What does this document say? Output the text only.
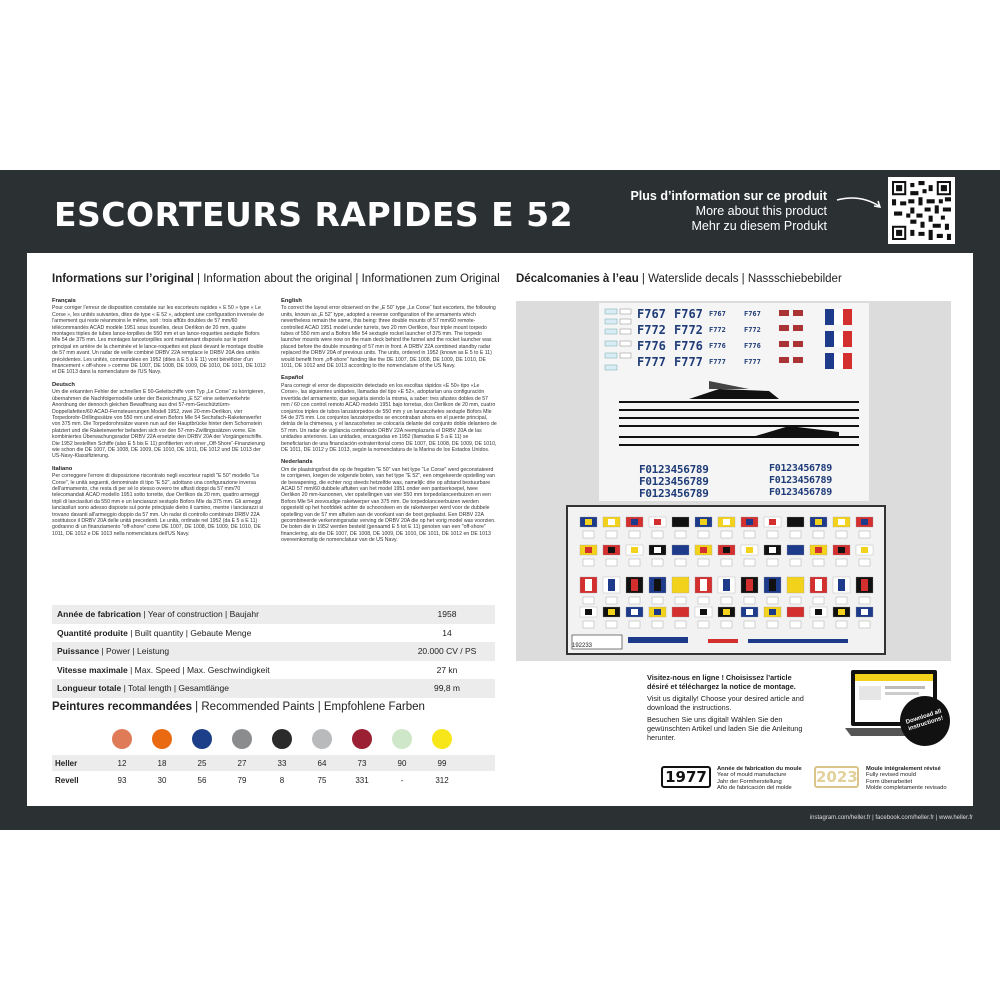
ESCORTEURS RAPIDES E 52	Plus d’information sur ce produit
More about this product
Mehr zu diesem Produkt
Informations sur l’original | Information about the original | Informationen zum Original
Français

Pour corriger l'erreur de disposition constatée sur les escorteurs rapides « E 50 » type « Le Corse », les unités suivantes, dites de type « E 52 », adoptent une configuration inversée de l'armement qui reste néanmoins le même, soit : trois affûts doubles de 57 mm/60 télécommandés ACAD modèle 1951 sous tourelles, deux Oerlikon de 20 mm, quatre montages triples de tubes lance-torpilles de 550 mm et un lance-roquettes sextuple Bofors Mle 54 de 375 mm. Les montages lancetorpilles sont maintenant disposés sur le pont principal en arrière de la cheminée et le lance-roquettes est placé devant le montage double de 57 mm avant. Un radar de veille combiné DRBV 22A remplace le DRBV 20A des unités précédentes. Les unités, commandées en 1952 (dites à E 5 à E 11) vont bénéficier d'un financement « off-shore » comme DE 1007, DE 1008, DE 1009, DE 1010, DE 1011, DE 1012 et DE 1013 dans la nomenclature de l'US Navy.

Deutsch

Um die erkannten Fehler der schnellen E 50-Geleitschiffe vom Typ „Le Corse“ zu korrigieren, übernahmen die Nachfolgemodelle unter der Bezeichnung „E 52“ eine seitenverkehrte Anordnung der dennoch gleichen Bewaffnung aus drei 57-mm-Geschütztürm-Doppellafetten/60 ACAD-Fernsteuerungen Modell 1952, zwei 20-mm-Oerlikon, vier Torpedorohr-Drillingssätze von 550 mm und einen Bofors Mle 54 Sechsfach-Raketenwerfer von 375 mm. Die Torpedorohrsätze waren nun auf der Hauptbrücke hinter dem Schornstein platziert und die Raketenwerfer befanden sich vor den 57-mm-Zwillingssätzen vorne. Ein kombiniertes Überwachungsradar DRBV 22A ersetzte den DRBV 20A der Vorgängerschiffe. Die 1952 bestellten Schiffe (also E 5 bis E 11) profitierten von einer „Off-Shore“-Finanzierung wie schon die DE 1007, DE 1008, DE 1009, DE 1010, DE 1011, DE 1012 und DE 1013 der US-Navy-Klassifizierung.

Italiano

Per correggere l'errore di disposizione riscontrato negli escorteur rapidi "E 50" modello "Le Corse", le unità seguenti, denominate di tipo "E 52", adottano una configurazione inversa dell'armamento, che resta di per sé lo stesso ovvero tre affusti doppi da 57 mm/70 telecomandati ACAD modello 1951 sotto torrette, due Oerlikon da 20 mm, quattro armeggi tripli di lanciasiluri da 550 mm e un lanciarazzi sestuplo Bofors Mle da 375 mm. Gli armeggi lanciasiluri sono adesso disposte sul ponte principale dietro il camino, mentre i lanciarazzi si trovano davanti all'armeggio doppio da 57 mm. Un radar di controllo combinato DRBV 22A sostituisce il DRBV 20A delle unità precedenti. Le unità, ordinate nel 1952 (da E 5 a E 11) godranno di un finanziamento "off-shore" come DE 1007, DE 1008, DE 1009, DE 1010, DE 1011, DE 1012 e DE 1013 nella nomenclatura dell'US Navy.

English

To correct the layout error observed on the „E 50“ type „Le Corse“ fast escorters, the following units, known as „E 52“ type, adopted a reverse configuration of the armaments which nevertheless remain the same, this being: three double mounts of 57 mm/60 remote-controlled ACAD 1951 model under turrets, two 20 mm Oerlikon, four triple mount torpedo tubes of 550 mm and a Bofors Mle 54 sextuple rocket launcher of 375 mm. The torpedo launcher mounts were now on the main deck behind the funnel and the rocket launcher was placed before the double mounting of 57 mm in front. A DRBV 22A combined standby radar replaced the DRBV 20A of previous units. The units, ordered in 1952 (known as E 5 to E 11) would benefit from „off-shore“ funding like the DE 1007, DE 1008, DE 1009, DE 1010, DE 1011, DE 1012 and DE 1013 according to the nomenclature of the US Navy.

Español

Para corregir el error de disposición detectado en los escoltas rápidos «E 50» tipo «Le Corse», las siguientes unidades, llamadas del tipo «E 52», adoptarían una configuración invertida del armamento, que seguiría siendo la misma, a saber: tres afustes dobles de 57 mm / 60 con control remoto ACAD modelo 1951 bajo torretas, dos Oerlikon de 20 mm, cuatro conjuntos triples de tubos lanzatorpedos de 550 mm y un lanzacohetes sextuple Bofors Mle 54 de 375 mm. Los conjuntos lanzatorpedos se encontraban ahora en el puente principal, detrás de la chimenea, y el lanzacohetes se colocaría delante del conjunto doble delantero de 57 mm. Un radar de vigilancia combinado DRBV 22A reemplazaría el DRBV 20A de las unidades anteriores. Las unidades, encargadas en 1952 (llamadas E 5 a E 11) se beneficiarían de una financiación extraterritorial como DE 1007, DE 1008, DE 1009, DE 1010, DE 1011, DE 1012 y DE 1013, según la nomenclatura de la Marina de los Estados Unidos.

Nederlands

Om de plaatsingsfout die op de fregatten "E 50" van het type "Le Corse" werd geconstateerd te corrigeren, kregen de volgende boten, van het type "E 52", een omgekeerde opstelling van de bewapening, die echter nog steeds hetzelfde was, namelijk: drie op afstand bestuurbare ACAD 57 mm/60 dubbele affuiten van het model 1951 onder een pantserkoepel, twee Oerlikon 20 mm-kanonnen, vier opstellingen van vier 550 mm torpedolanceerbuizen en een Bofors Mle 54 zesvoudige raketwerper van 375 mm. De torpedolanceerbuizen werden opgesteld op het hoofddek achter de schoorsteen en de raketwerper werd voor de dubbele opstelling van de 57 mm affuiten aan de voorkant van de boot geplaatst. Een DRBV 22A gecombineerde verkenningsradar verving de DRBV 20A die op het vorig model was voorzien. De boten die in 1952 werden besteld (genaamd E 5 tot E 11) genoten van een "off-shore" financiering, als die DE 1007, DE 1008, DE 1009, DE 1010, DE 1011, DE 1012 en DE 1013 overeenkomstig de nomenclatuur van de US Navy.

Année de fabrication | Year of construction | Baujahr	1958
Quantité produite | Built quantity | Gebaute Menge	14
Puissance | Power | Leistung	20.000 CV / PS
Vitesse maximale | Max. Speed | Max. Geschwindigkeit	27 kn
Longueur totale | Total length | Gesamtlänge	99,8 m
Peintures recommandées | Recommended Paints | Empfohlene Farben
Heller	12	18	25	27	33	64	73	90	99
Revell	93	30	56	79	8	75	331	-	312
Décalcomanies à l’eau | Waterslide decals | Nassschiebebilder
F767 F767 F767	F767
F772 F772 F772	F772
F776 F776 F776	F776
F777 F777 F777	F777
F0123456789	F0123456789
F0123456789	F0123456789
F0123456789	F0123456789
192233

Visitez-nous en ligne ! Choisissez l’article désiré et téléchargez la notice de montage.

Visit us digitally! Choose your desired article and download the instructions.

Besuchen Sie uns digital! Wählen Sie den gewünschten Artikel und laden Sie die Anleitung herunter.

Download all instructions!
1977	Année de fabrication du moule
Year of mould manufacture
Jahr der Formherstellung
Año de fabricación del molde
2023 Moule intégralement révisé
Fully revised mould
Form überarbeitet
Molde completamente revisado
instagram.com/heller.fr | facebook.com/heller.fr | www.heller.fr
